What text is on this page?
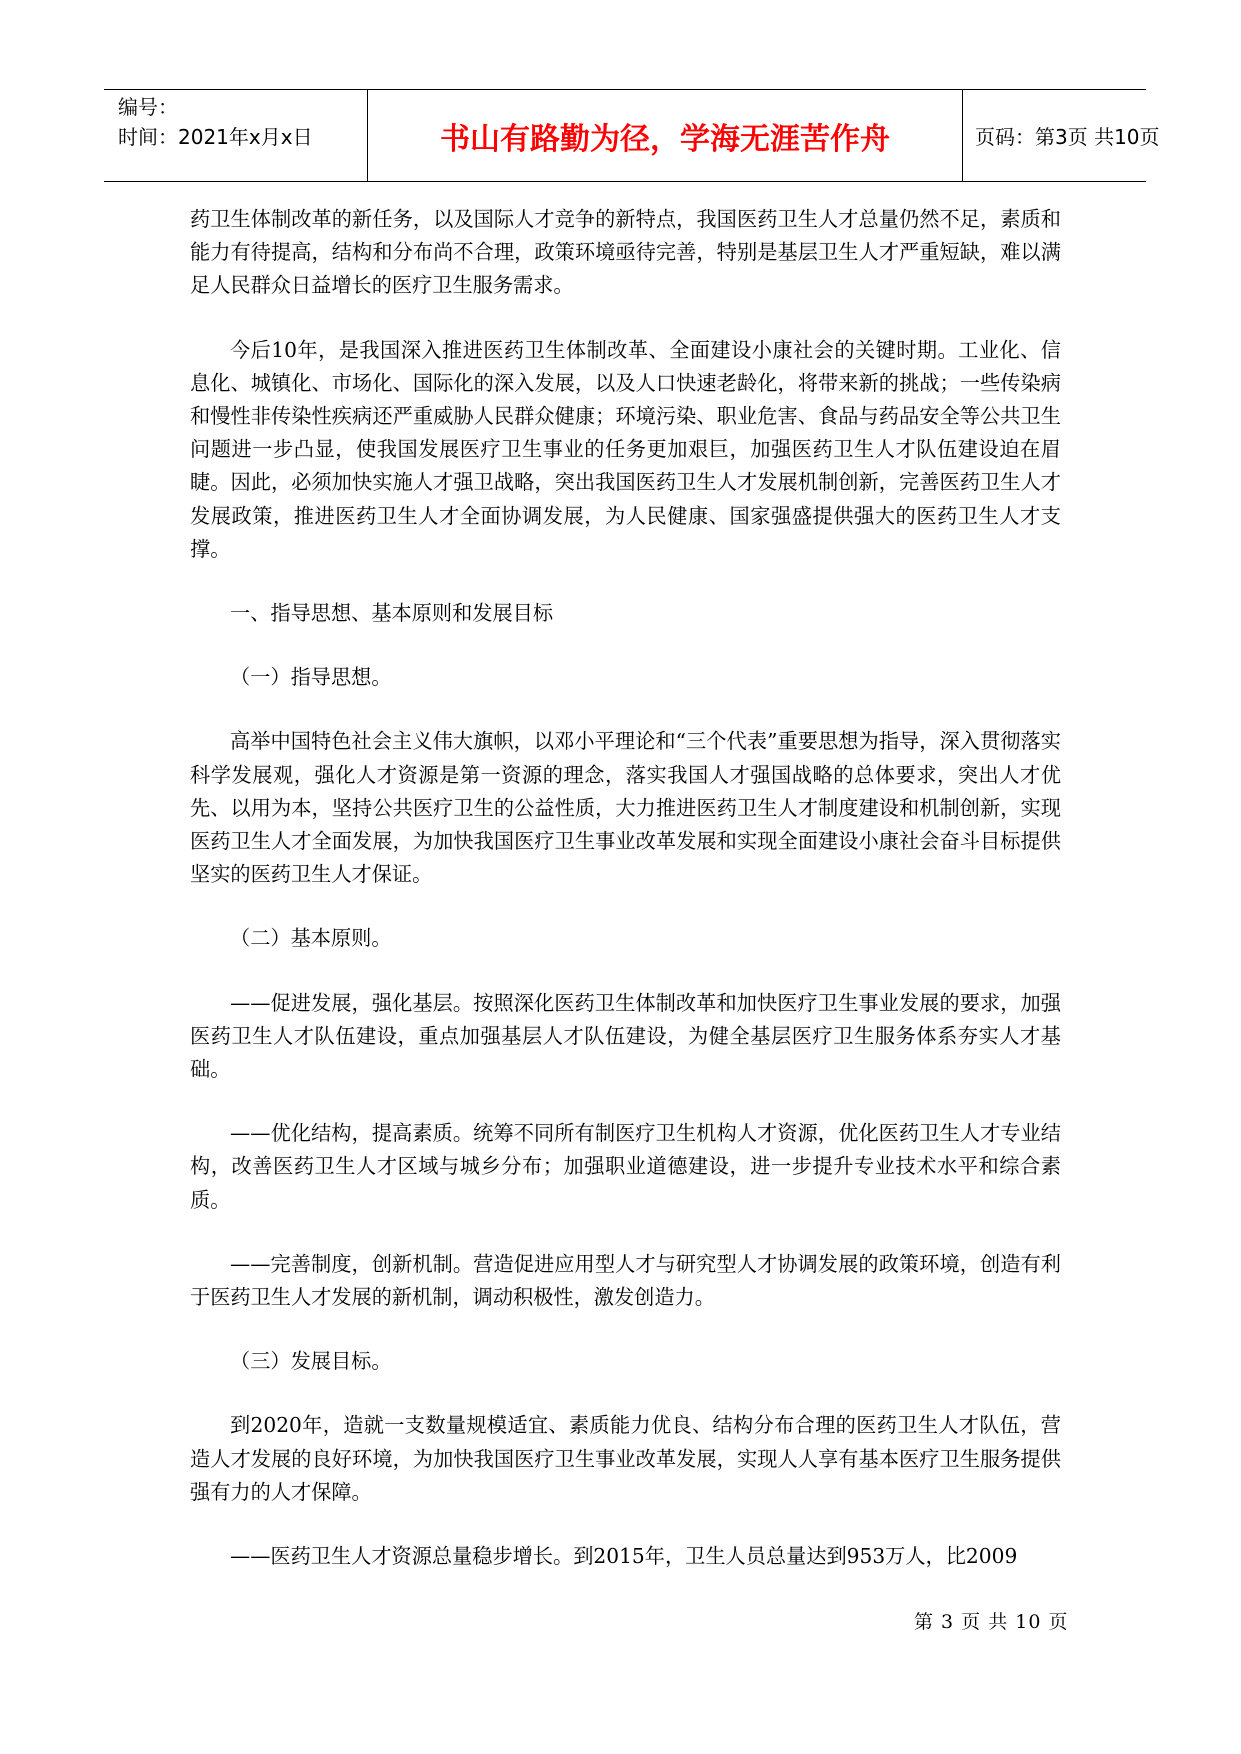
编号：
时间：2021年x月x日	书山有路勤为径，学海无涯苦作舟	页码：第3页 共10页

药卫生体制改革的新任务，以及国际人才竞争的新特点，我国医药卫生人才总量仍然不足，素质和能力有待提高，结构和分布尚不合理，政策环境亟待完善，特别是基层卫生人才严重短缺，难以满足人民群众日益增长的医疗卫生服务需求。

今后10年，是我国深入推进医药卫生体制改革、全面建设小康社会的关键时期。工业化、信息化、城镇化、市场化、国际化的深入发展，以及人口快速老龄化，将带来新的挑战；一些传染病和慢性非传染性疾病还严重威胁人民群众健康；环境污染、职业危害、食品与药品安全等公共卫生问题进一步凸显，使我国发展医疗卫生事业的任务更加艰巨，加强医药卫生人才队伍建设迫在眉睫。因此，必须加快实施人才强卫战略，突出我国医药卫生人才发展机制创新，完善医药卫生人才发展政策，推进医药卫生人才全面协调发展，为人民健康、国家强盛提供强大的医药卫生人才支撑。

一、指导思想、基本原则和发展目标

（一）指导思想。

高举中国特色社会主义伟大旗帜，以邓小平理论和“三个代表”重要思想为指导，深入贯彻落实科学发展观，强化人才资源是第一资源的理念，落实我国人才强国战略的总体要求，突出人才优先、以用为本，坚持公共医疗卫生的公益性质，大力推进医药卫生人才制度建设和机制创新，实现医药卫生人才全面发展，为加快我国医疗卫生事业改革发展和实现全面建设小康社会奋斗目标提供坚实的医药卫生人才保证。

（二）基本原则。

——促进发展，强化基层。按照深化医药卫生体制改革和加快医疗卫生事业发展的要求，加强医药卫生人才队伍建设，重点加强基层人才队伍建设，为健全基层医疗卫生服务体系夯实人才基础。

——优化结构，提高素质。统筹不同所有制医疗卫生机构人才资源，优化医药卫生人才专业结构，改善医药卫生人才区域与城乡分布；加强职业道德建设，进一步提升专业技术水平和综合素质。

——完善制度，创新机制。营造促进应用型人才与研究型人才协调发展的政策环境，创造有利于医药卫生人才发展的新机制，调动积极性，激发创造力。

（三）发展目标。

到2020年，造就一支数量规模适宜、素质能力优良、结构分布合理的医药卫生人才队伍，营造人才发展的良好环境，为加快我国医疗卫生事业改革发展，实现人人享有基本医疗卫生服务提供强有力的人才保障。

——医药卫生人才资源总量稳步增长。到2015年，卫生人员总量达到953万人，比2009

第 3 页 共 10 页
